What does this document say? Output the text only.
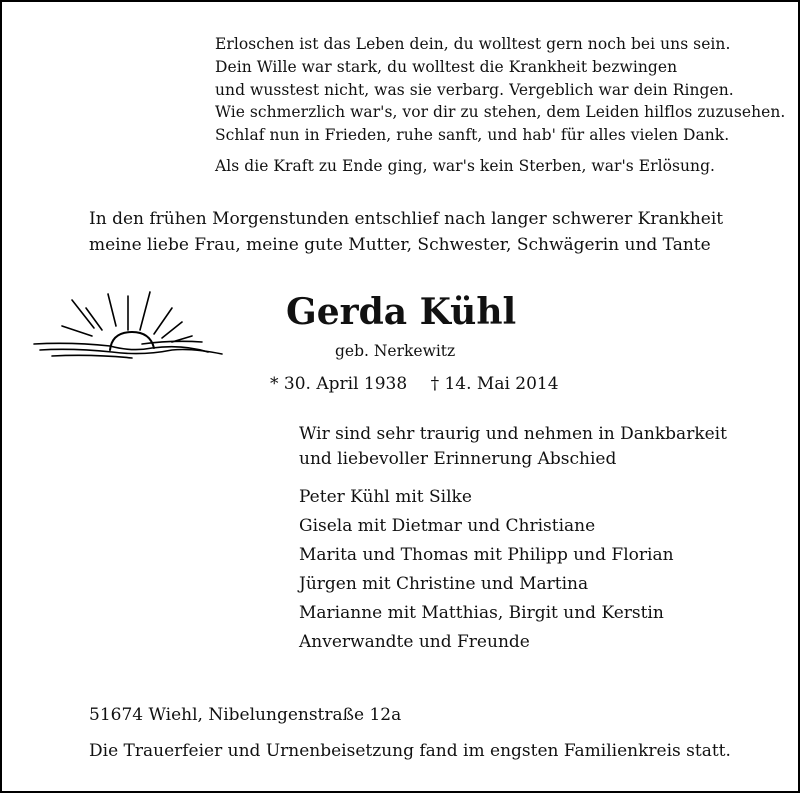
Erloschen ist das Leben dein, du wolltest gern noch bei uns sein.
Dein Wille war stark, du wolltest die Krankheit bezwingen
und wusstest nicht, was sie verbarg. Vergeblich war dein Ringen.
Wie schmerzlich war's, vor dir zu stehen, dem Leiden hilflos zuzusehen.
Schlaf nun in Frieden, ruhe sanft, und hab' für alles vielen Dank.
Als die Kraft zu Ende ging, war's kein Sterben, war's Erlösung.
In den frühen Morgenstunden entschlief nach langer schwerer Krankheit
meine liebe Frau, meine gute Mutter, Schwester, Schwägerin und Tante
Gerda Kühl
geb. Nerkewitz
* 30. April 1938 † 14. Mai 2014
Wir sind sehr traurig und nehmen in Dankbarkeit
und liebevoller Erinnerung Abschied
Peter Kühl mit Silke
Gisela mit Dietmar und Christiane
Marita und Thomas mit Philipp und Florian
Jürgen mit Christine und Martina
Marianne mit Matthias, Birgit und Kerstin
Anverwandte und Freunde
51674 Wiehl, Nibelungenstraße 12a
Die Trauerfeier und Urnenbeisetzung fand im engsten Familienkreis statt.
